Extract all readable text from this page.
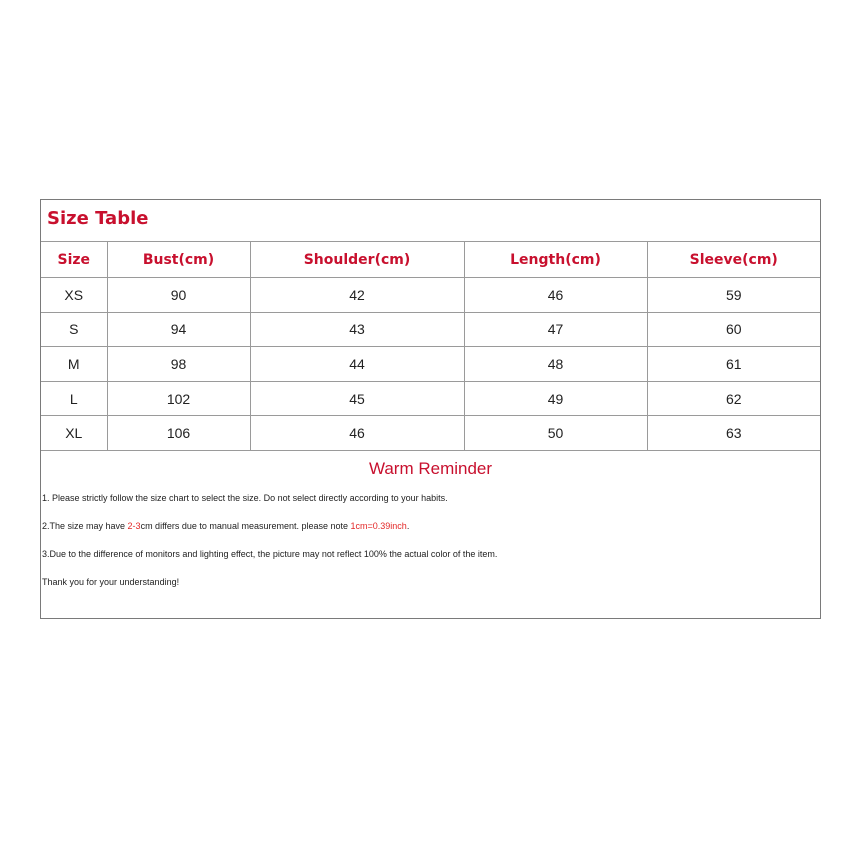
Size Table
Size	Bust(cm)	Shoulder(cm)	Length(cm)	Sleeve(cm)
XS	90	42	46	59
S	94	43	47	60
M	98	44	48	61
L	102	45	49	62
XL	106	46	50	63
Warm Reminder

1. Please strictly follow the size chart to select the size. Do not select directly according to your habits.

2.The size may have 2-3cm differs due to manual measurement. please note 1cm=0.39inch.

3.Due to the difference of monitors and lighting effect, the picture may not reflect 100% the actual color of the item.

Thank you for your understanding!
